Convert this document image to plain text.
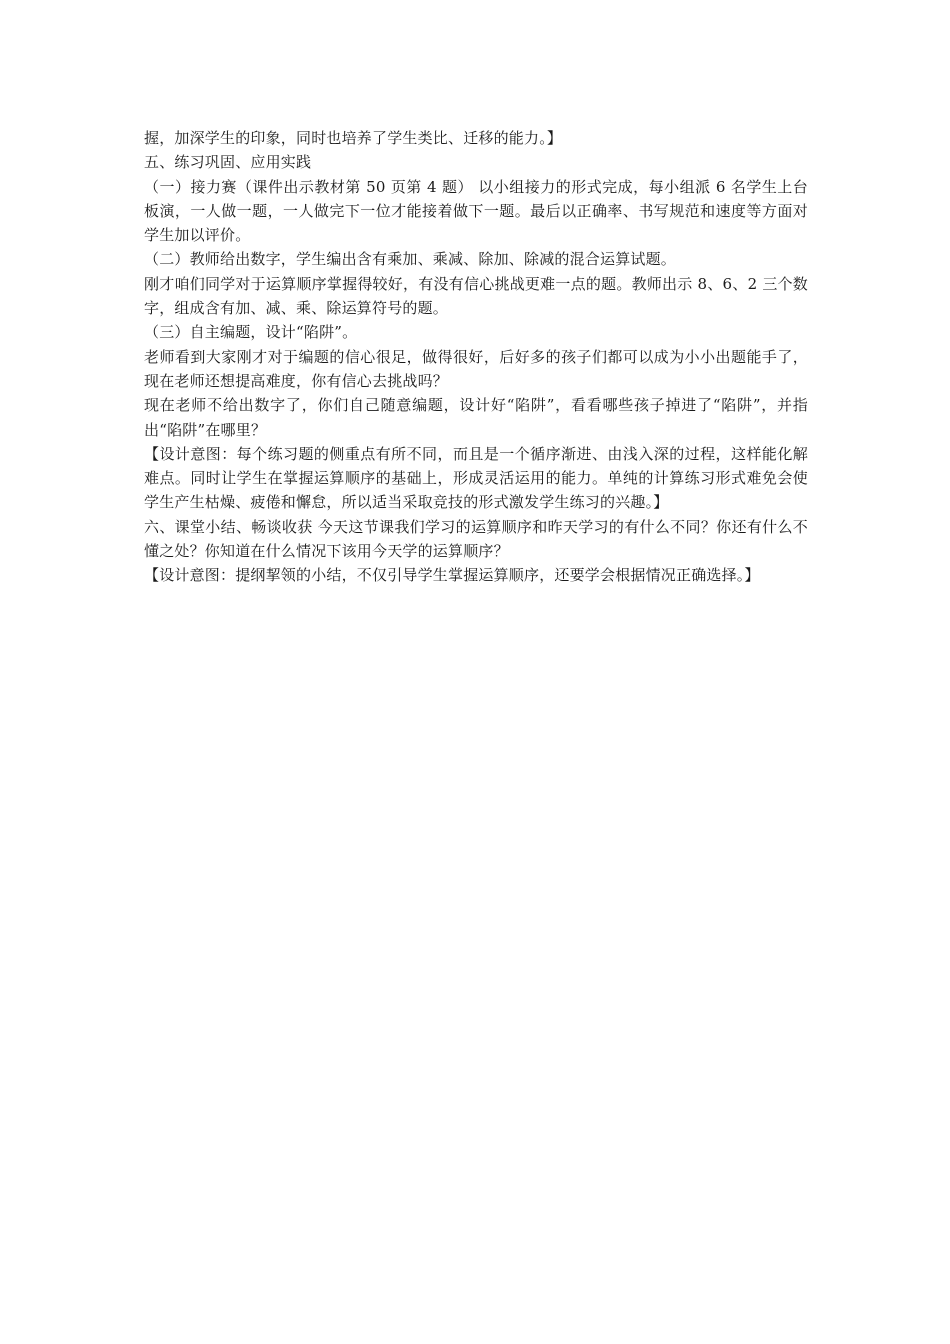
握，加深学生的印象，同时也培养了学生类比、迁移的能力。】

五、练习巩固、应用实践

（一）接力赛（课件出示教材第 50 页第 4 题） 以小组接力的形式完成，每小组派 6 名学生上台板演，一人做一题，一人做完下一位才能接着做下一题。最后以正确率、书写规范和速度等方面对学生加以评价。

（二）教师给出数字，学生编出含有乘加、乘减、除加、除减的混合运算试题。

刚才咱们同学对于运算顺序掌握得较好，有没有信心挑战更难一点的题。教师出示 8、6、2 三个数字，组成含有加、减、乘、除运算符号的题。

（三）自主编题，设计“陷阱”。

老师看到大家刚才对于编题的信心很足，做得很好，后好多的孩子们都可以成为小小出题能手了，现在老师还想提高难度，你有信心去挑战吗？

现在老师不给出数字了，你们自己随意编题，设计好“陷阱”，看看哪些孩子掉进了“陷阱”，并指出“陷阱”在哪里？

【设计意图：每个练习题的侧重点有所不同，而且是一个循序渐进、由浅入深的过程，这样能化解难点。同时让学生在掌握运算顺序的基础上，形成灵活运用的能力。单纯的计算练习形式难免会使学生产生枯燥、疲倦和懈怠，所以适当采取竞技的形式激发学生练习的兴趣。】

六、课堂小结、畅谈收获 今天这节课我们学习的运算顺序和昨天学习的有什么不同？你还有什么不懂之处？你知道在什么情况下该用今天学的运算顺序？

【设计意图：提纲挈领的小结，不仅引导学生掌握运算顺序，还要学会根据情况正确选择。】
